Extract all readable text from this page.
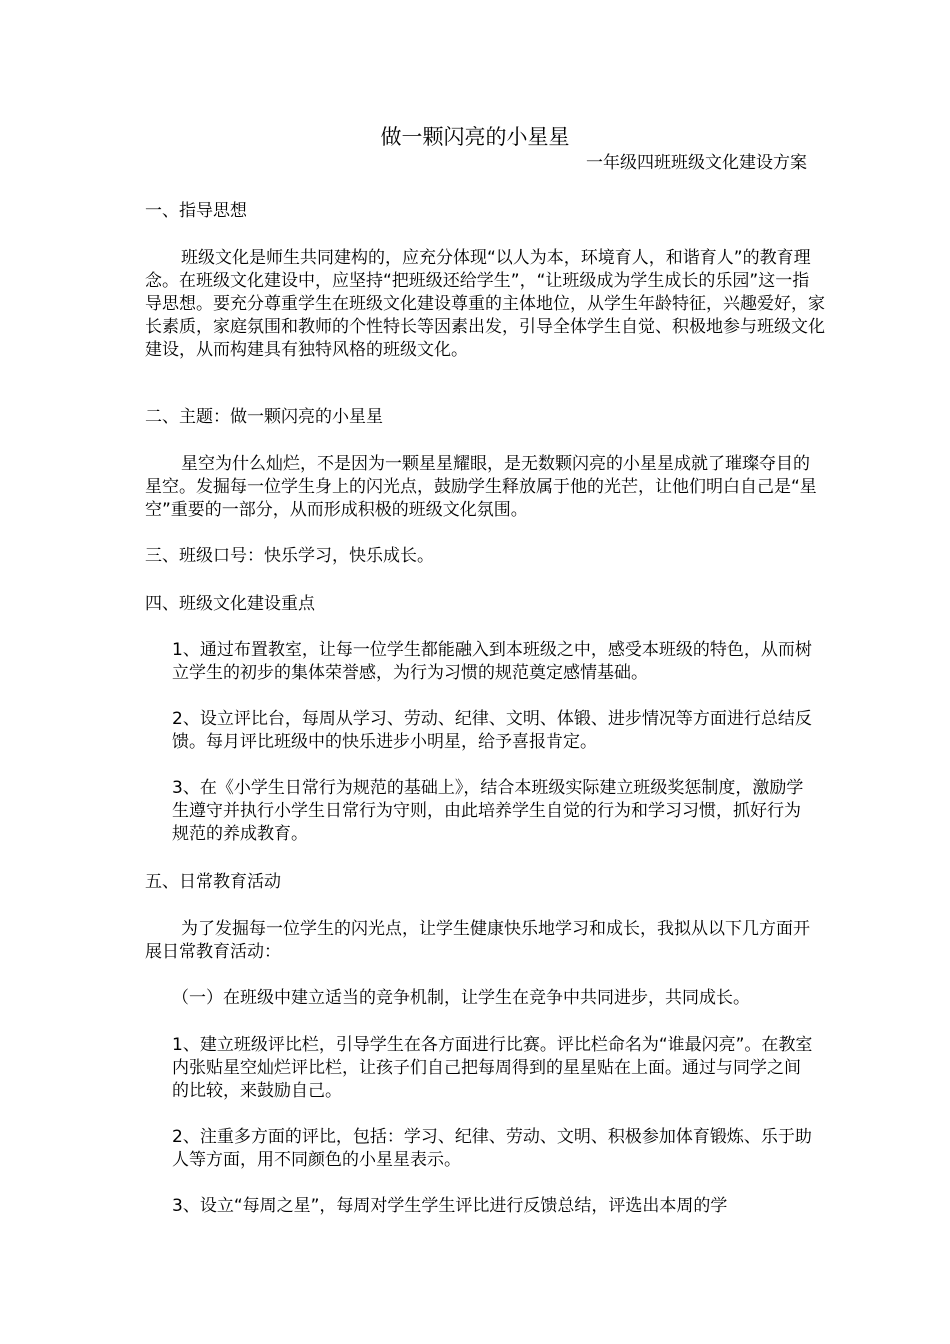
做一颗闪亮的小星星
一年级四班班级文化建设方案
一、指导思想
班级文化是师生共同建构的，应充分体现“以人为本，环境育人，和谐育人”的教育理念。在班级文化建设中，应坚持“把班级还给学生”，“让班级成为学生成长的乐园”这一指导思想。要充分尊重学生在班级文化建设尊重的主体地位，从学生年龄特征，兴趣爱好，家长素质，家庭氛围和教师的个性特长等因素出发，引导全体学生自觉、积极地参与班级文化建设，从而构建具有独特风格的班级文化。
二、主题：做一颗闪亮的小星星
星空为什么灿烂，不是因为一颗星星耀眼，是无数颗闪亮的小星星成就了璀璨夺目的星空。发掘每一位学生身上的闪光点，鼓励学生释放属于他的光芒，让他们明白自己是“星空”重要的一部分，从而形成积极的班级文化氛围。
三、班级口号：快乐学习，快乐成长。
四、班级文化建设重点
1、通过布置教室，让每一位学生都能融入到本班级之中，感受本班级的特色，从而树立学生的初步的集体荣誉感，为行为习惯的规范奠定感情基础。
2、设立评比台，每周从学习、劳动、纪律、文明、体锻、进步情况等方面进行总结反馈。每月评比班级中的快乐进步小明星，给予喜报肯定。
3、在《小学生日常行为规范的基础上》，结合本班级实际建立班级奖惩制度，激励学生遵守并执行小学生日常行为守则，由此培养学生自觉的行为和学习习惯，抓好行为规范的养成教育。
五、日常教育活动
为了发掘每一位学生的闪光点，让学生健康快乐地学习和成长，我拟从以下几方面开展日常教育活动：
（一）在班级中建立适当的竞争机制，让学生在竞争中共同进步，共同成长。
1、建立班级评比栏，引导学生在各方面进行比赛。评比栏命名为“谁最闪亮”。在教室内张贴星空灿烂评比栏，让孩子们自己把每周得到的星星贴在上面。通过与同学之间的比较，来鼓励自己。
2、注重多方面的评比，包括：学习、纪律、劳动、文明、积极参加体育锻炼、乐于助人等方面，用不同颜色的小星星表示。
3、设立“每周之星”，每周对学生学生评比进行反馈总结，评选出本周的学
